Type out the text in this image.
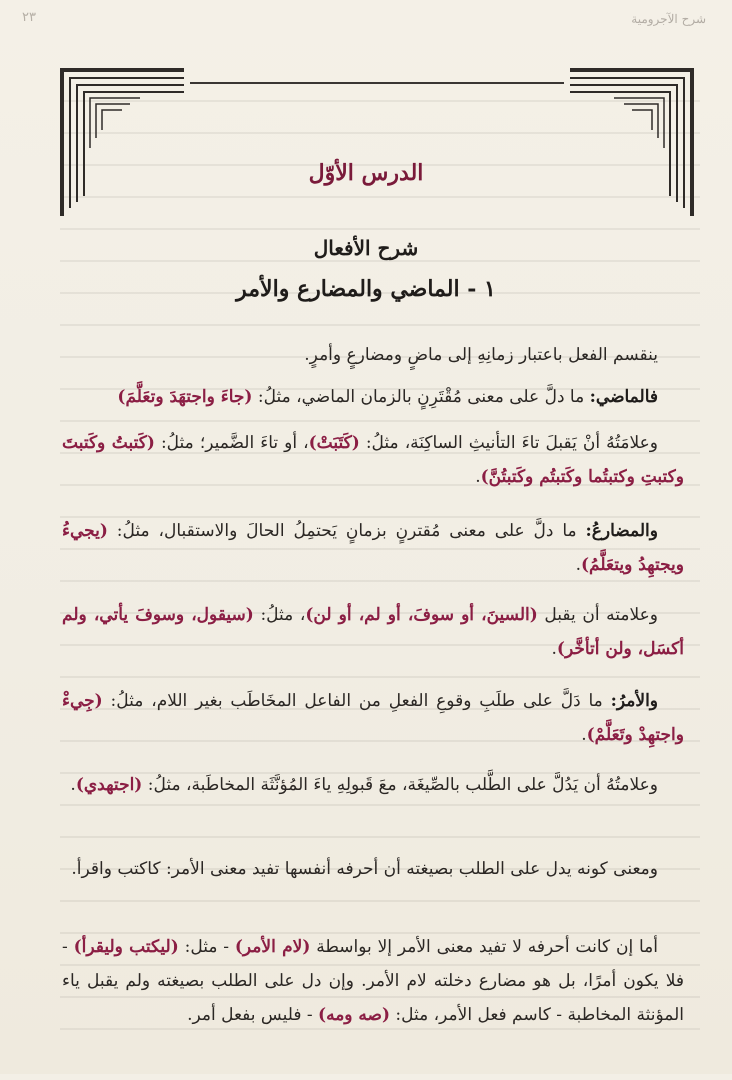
شرح الآجرومية
٢٣
الدرس الأوّل
شرح الأفعال
١ - الماضي والمضارع والأمر

ينقسم الفعل باعتبار زمانِهِ إلى ماضٍ ومضارعٍ وأمرٍ.

فالماضي: ما دلَّ على معنى مُقْتَرِنٍ بالزمان الماضي، مثلُ: (جاءَ واجتهَدَ وتعَلَّمَ)

وعلامَتُهُ أنْ يَقبلَ تاءَ التأنيثِ الساكِنَة، مثلُ: (كَتَبَتْ)، أو تاءَ الضَّمير؛ مثلُ: (كَتبتُ وكَتبتَ وكتبتِ وكتبتُما وكَتبتُم وكَتبتُنَّ).

والمضارعُ: ما دلَّ على معنى مُقترنٍ بزمانٍ يَحتمِلُ الحالَ والاستقبال، مثلُ: (يجيءُ ويجتهِدُ ويتعَلَّمُ).

وعلامته أن يقبل (السينَ، أو سوفَ، أو لم، أو لن)، مثلُ: (سيقول، وسوفَ يأتي، ولم أكسَل، ولن أتأخَّر).

والأمرُ: ما دَلَّ على طلَبِ وقوعِ الفعلِ من الفاعل المخَاطَب بغير اللام، مثلُ: (جِيءْ واجتهِدْ وتَعَلَّمْ).

وعلامتُهُ أن يَدُلَّ على الطَّلب بالصِّيغَة، معَ قَبولِهِ ياءَ المُؤنَّثَة المخاطَبة، مثلُ: (اجتهدي).

ومعنى كونه يدل على الطلب بصيغته أن أحرفه أنفسها تفيد معنى الأمر: كاكتب واقرأ.

أما إن كانت أحرفه لا تفيد معنى الأمر إلا بواسطة (لام الأمر) - مثل: (ليكتب وليقرأ) - فلا يكون أمرًا، بل هو مضارع دخلته لام الأمر. وإن دل على الطلب بصيغته ولم يقبل ياء المؤنثة المخاطبة - كاسم فعل الأمر، مثل: (صه ومه) - فليس بفعل أمر.
